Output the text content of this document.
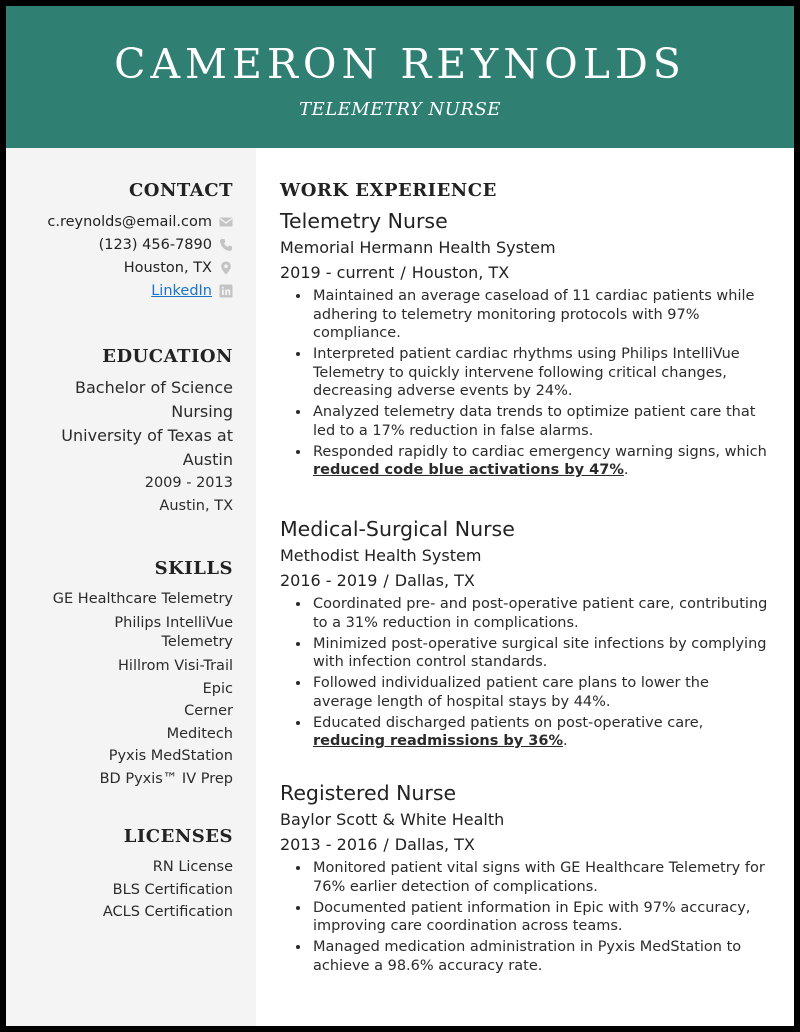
CAMERON REYNOLDS
TELEMETRY NURSE
CONTACT
c.reynolds@email.com
(123) 456-7890
Houston, TX
LinkedIn
EDUCATION
Bachelor of Science
Nursing
University of Texas at
Austin
2009 - 2013
Austin, TX
SKILLS
GE Healthcare Telemetry
Philips IntelliVue
Telemetry
Hillrom Visi-Trail
Epic
Cerner
Meditech
Pyxis MedStation
BD Pyxis™ IV Prep
LICENSES
RN License
BLS Certification
ACLS Certification
WORK EXPERIENCE
Telemetry Nurse
Memorial Hermann Health System
2019 - current / Houston, TX
• Maintained an average caseload of 11 cardiac patients while adhering to telemetry monitoring protocols with 97% compliance.
• Interpreted patient cardiac rhythms using Philips IntelliVue Telemetry to quickly intervene following critical changes, decreasing adverse events by 24%.
• Analyzed telemetry data trends to optimize patient care that led to a 17% reduction in false alarms.
• Responded rapidly to cardiac emergency warning signs, which reduced code blue activations by 47%.
Medical-Surgical Nurse
Methodist Health System
2016 - 2019 / Dallas, TX
• Coordinated pre- and post-operative patient care, contributing to a 31% reduction in complications.
• Minimized post-operative surgical site infections by complying with infection control standards.
• Followed individualized patient care plans to lower the average length of hospital stays by 44%.
• Educated discharged patients on post-operative care, reducing readmissions by 36%.
Registered Nurse
Baylor Scott & White Health
2013 - 2016 / Dallas, TX
• Monitored patient vital signs with GE Healthcare Telemetry for 76% earlier detection of complications.
• Documented patient information in Epic with 97% accuracy, improving care coordination across teams.
• Managed medication administration in Pyxis MedStation to achieve a 98.6% accuracy rate.
